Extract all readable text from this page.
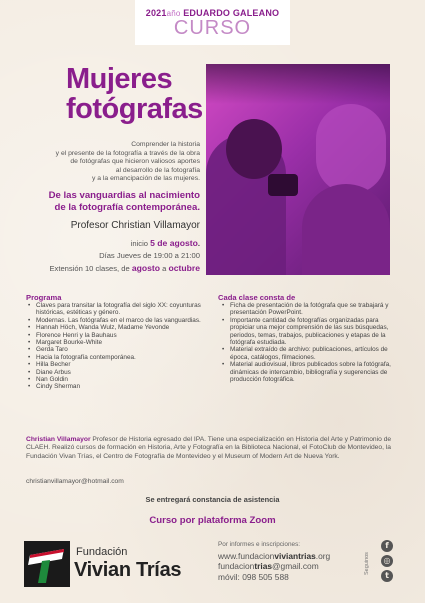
2021año EDUARDO GALEANO
CURSO
Mujeres
fotógrafas
Comprender la historia
y el presente de la fotografía a través de la obra
de fotógrafas que hicieron valiosos aportes
al desarrollo de la fotografía
y a la emancipación de las mujeres.
De las vanguardias al nacimiento
de la fotografía contemporánea.
Profesor Christian Villamayor
inicio 5 de agosto.
Días Jueves de 19:00 a 21:00
Extensión 10 clases, de agosto a octubre
Programa
• Claves para transitar la fotografía del siglo XX: coyunturas históricas, estéticas y género.
• Modernas. Las fotógrafas en el marco de las vanguardias.
• Hannah Höch, Wanda Wulz, Madame Yevonde
• Florence Henri y la Bauhaus
• Margaret Bourke-White
• Gerda Taro
• Hacia la fotografía contemporánea.
• Hilla Becher
• Diane Arbus
• Nan Goldin
• Cindy Sherman
Cada clase consta de
• Ficha de presentación de la fotógrafa que se trabajará y presentación PowerPoint.
• Importante cantidad de fotografías organizadas para propiciar una mejor comprensión de las sus búsquedas, periodos, temas, trabajos, publicaciones y etapas de la fotógrafa estudiada.
• Material extraído de archivo: publicaciones, artículos de época, catálogos, filmaciones.
• Material audiovisual, libros publicados sobre la fotógrafa, dinámicas de intercambio, bibliografía y sugerencias de producción fotográfica.
Christian Villamayor Profesor de Historia egresado del IPA. Tiene una especialización en Historia del Arte y Patrimonio de CLAEH. Realizó cursos de formación en Historia, Arte y Fotografía en la Biblioteca Nacional, el FotoClub de Montevideo, la Fundación Vivan Trías, el Centro de Fotografía de Montevideo y el Museum of Modern Art de Nueva York.
christianvillamayor@hotmail.com
Se entregará constancia de asistencia
Curso por plataforma Zoom
Fundación
Vivian Trías
Por informes e inscripciones:
www.fundacionviviantrias.org
fundaciontrias@gmail.com
móvil: 098 505 588
Seguinos
f
◎
t
